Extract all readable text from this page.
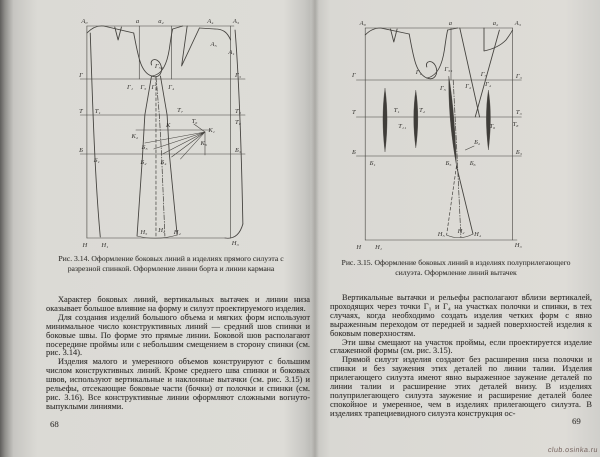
А₀	а	а₂	А₄	А₃
А₅
А₁
Г
Г₁ Г₅ Г₂
Г₅₁
Г₄
Г₃
Т Т₁	Т₇
Т₆
Т₃
Т₈
К₂
К
К₁
К₆
Б
Б₁
Б₅
Б₂ Б₄
Б₃
Н Н₁
Н₅ Н₂ Н₄
Н₃
Рис. 3.14. Оформление боковых линий в изделиях прямого силуэта с разрезной спинкой. Оформление линии борта и линии кармана

Характер боковых линий, вертикальных вытачек и линии низа оказывает большое влияние на форму и силуэт проектируемого изделия.

Для создания изделий большого объема и мягких форм используют минимальное число конструктивных линий — средний шов спинки и боковые швы. По форме это прямые линии. Боковой шов располагают посередине проймы или с небольшим смещением в сторону спинки (см. рис. 3.14).

Изделия малого и умеренного объемов конструируют с большим числом конструктивных линий. Кроме среднего шва спинки и боковых швов, используют вертикальные и наклонные вытачки (см. рис. 3.15) и рельефы, отсекающие боковые части (бочки) от полочки и спинки (см. рис. 3.16). Все конструктивные линии оформляют сложными вогнуто-выпуклыми линиями.

68
А₀	а	а₂	А₃
Г	Г₁	Г₅₁
Г₅	Г₂ Г₄
Г₇	Г₃
Т	Т₁	Т₄
Т₁₁	Т₆	Т₈
Т₃
Б
Б₁	Б₅
Б₂
Б₆
Б₃
Н Н₁
Н₅ Н₂ Н₄
Н₃
Рис. 3.15. Оформление боковых линий в изделиях полуприлегающего силуэта. Оформление линий вытачек

Вертикальные вытачки и рельефы располагают вблизи вертикалей, проходящих через точки Г₁ и Г₄ на участках полочки и спинки, в тех случаях, когда необходимо создать изделия четких форм с явно выраженным переходом от передней и задней поверхностей изделия к боковым поверхностям.

Эти швы смещают на участок проймы, если проектируется изделие сглаженной формы (см. рис. 3.15).

Прямой силуэт изделия создают без расширения низа полочки и спинки и без заужения этих деталей по линии талии. Изделия прилегающего силуэта имеют явно выраженное заужение деталей по линии талии и расширение этих деталей внизу. В изделиях полуприлегающего силуэта заужение и расширение деталей более спокойное и умеренное, чем в изделиях прилегающего силуэта. В изделиях трапециевидного силуэта конструкция ос-

69
club.osinka.ru
